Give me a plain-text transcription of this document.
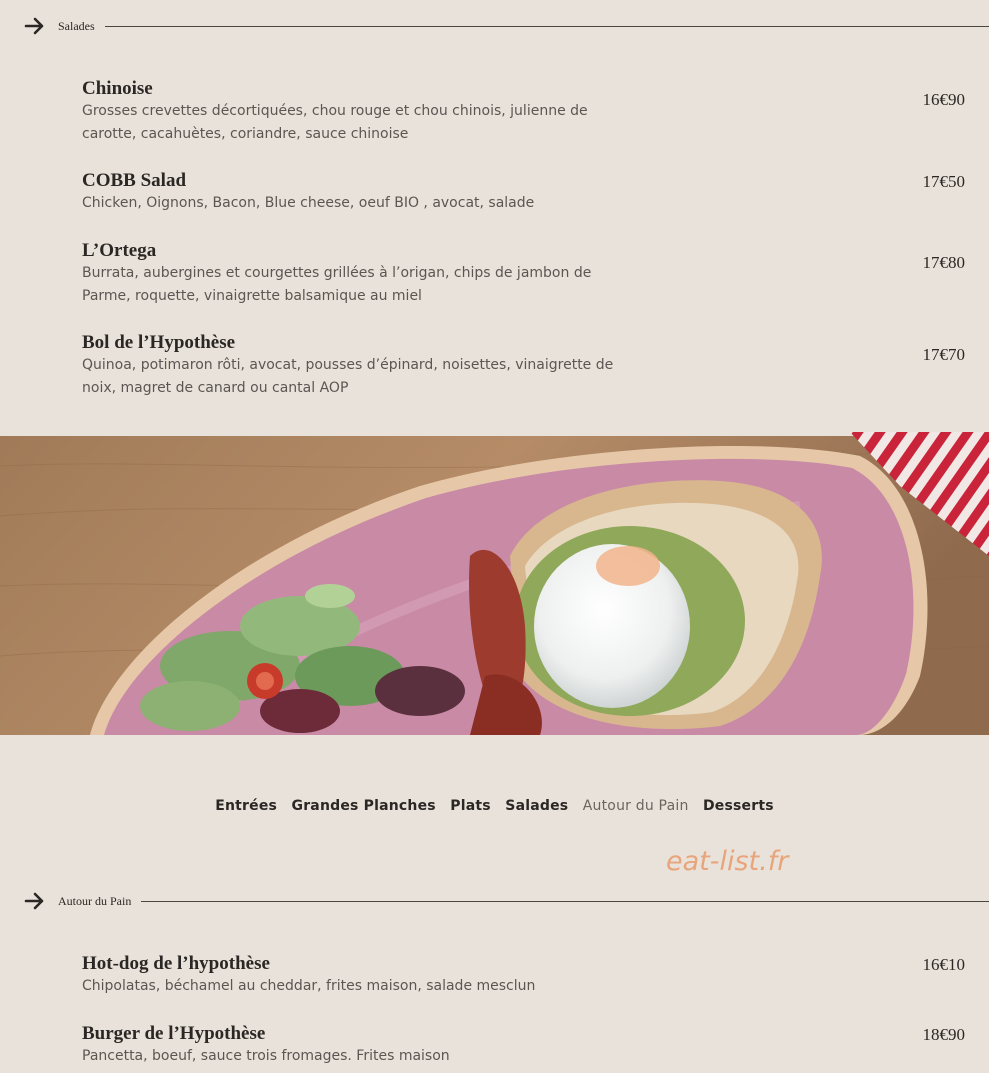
Salades
Chinoise
Grosses crevettes décortiquées, chou rouge et chou chinois, julienne de carotte, cacahuètes, coriandre, sauce chinoise
16€90
COBB Salad
Chicken, Oignons, Bacon, Blue cheese, oeuf BIO , avocat, salade
17€50
L’Ortega
Burrata, aubergines et courgettes grillées à l’origan, chips de jambon de Parme, roquette, vinaigrette balsamique au miel
17€80
Bol de l’Hypothèse
Quinoa, potimaron rôti, avocat, pousses d’épinard, noisettes, vinaigrette de noix, magret de canard ou cantal AOP
17€70
Entrées Grandes Planches Plats Salades Autour du Pain Desserts
eat-list.fr
Autour du Pain
Hot-dog de l’hypothèse
Chipolatas, béchamel au cheddar, frites maison, salade mesclun
16€10
Burger de l’Hypothèse
Pancetta, boeuf, sauce trois fromages. Frites maison
18€90
